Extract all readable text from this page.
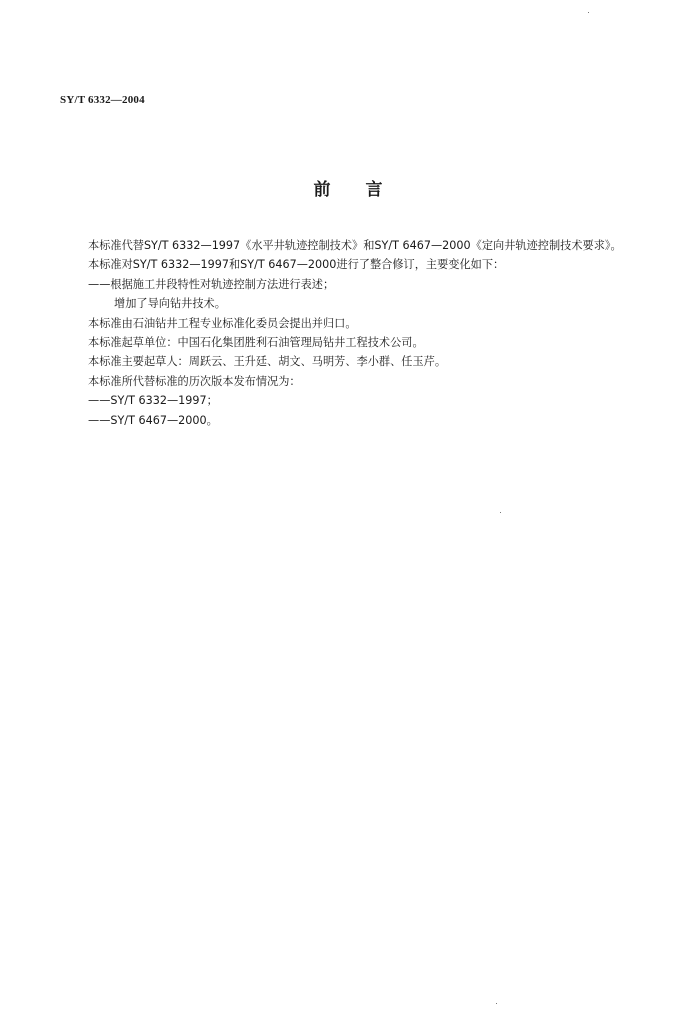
SY/T 6332—2004
前 言

本标准代替SY/T 6332—1997《水平井轨迹控制技术》和SY/T 6467—2000《定向井轨迹控制技术要求》。

本标准对SY/T 6332—1997和SY/T 6467—2000进行了整合修订，主要变化如下：

——根据施工井段特性对轨迹控制方法进行表述；

增加了导向钻井技术。

本标准由石油钻井工程专业标准化委员会提出并归口。

本标准起草单位：中国石化集团胜利石油管理局钻井工程技术公司。

本标准主要起草人：周跃云、王升廷、胡文、马明芳、李小群、任玉芹。

本标准所代替标准的历次版本发布情况为：

——SY/T 6332—1997；

——SY/T 6467—2000。
